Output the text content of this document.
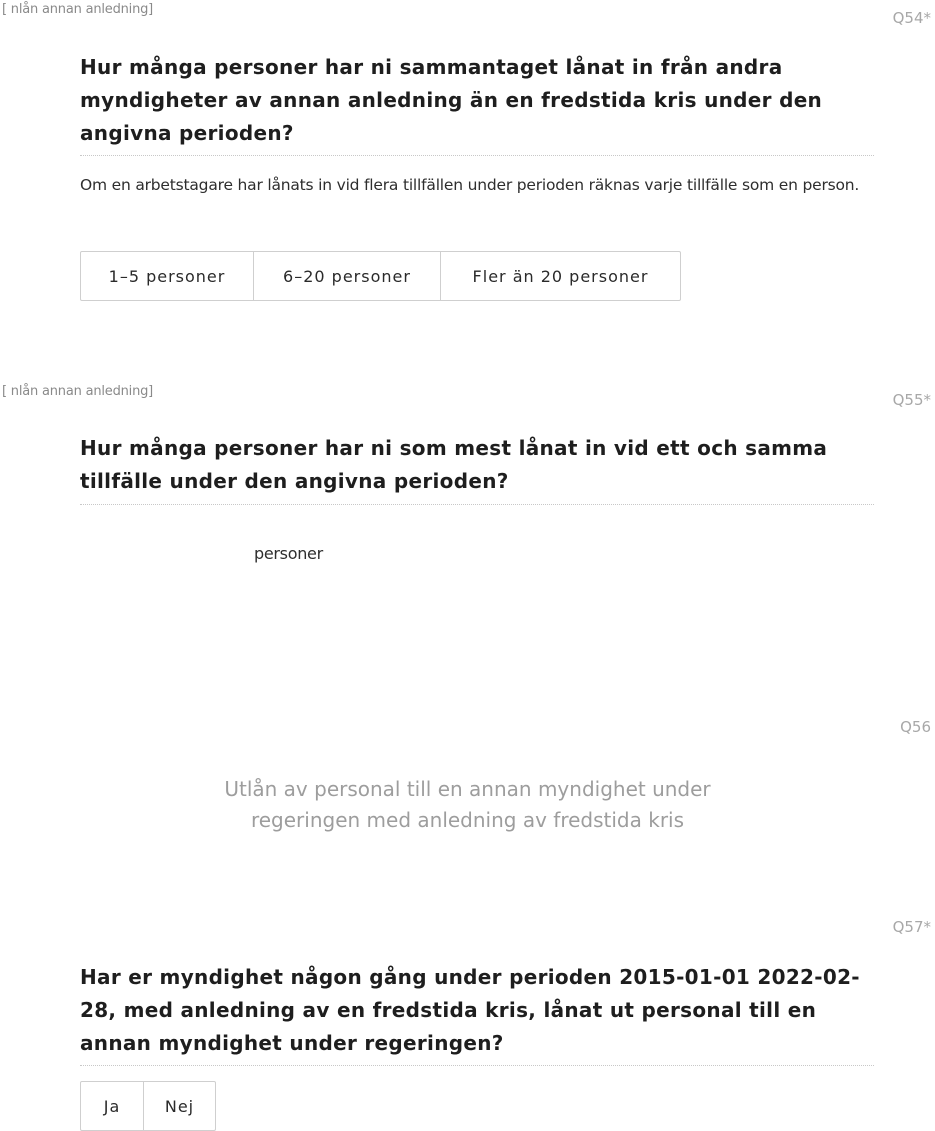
[ nlån annan anledning]	Q54*
Hur många personer har ni sammantaget lånat in från andra myndigheter av annan anledning än en fredstida kris under den angivna perioden?

Om en arbetstagare har lånats in vid flera tillfällen under perioden räknas varje tillfälle som en person.

1–5 personer	6–20 personer	Fler än 20 personer
[ nlån annan anledning]	Q55*
Hur många personer har ni som mest lånat in vid ett och samma tillfälle under den angivna perioden?
personer
Q56
Utlån av personal till en annan myndighet under
regeringen med anledning av fredstida kris
Q57*
Har er myndighet någon gång under perioden 2015-01-01 2022-02-28, med anledning av en fredstida kris, lånat ut personal till en annan myndighet under regeringen?
Ja	Nej
